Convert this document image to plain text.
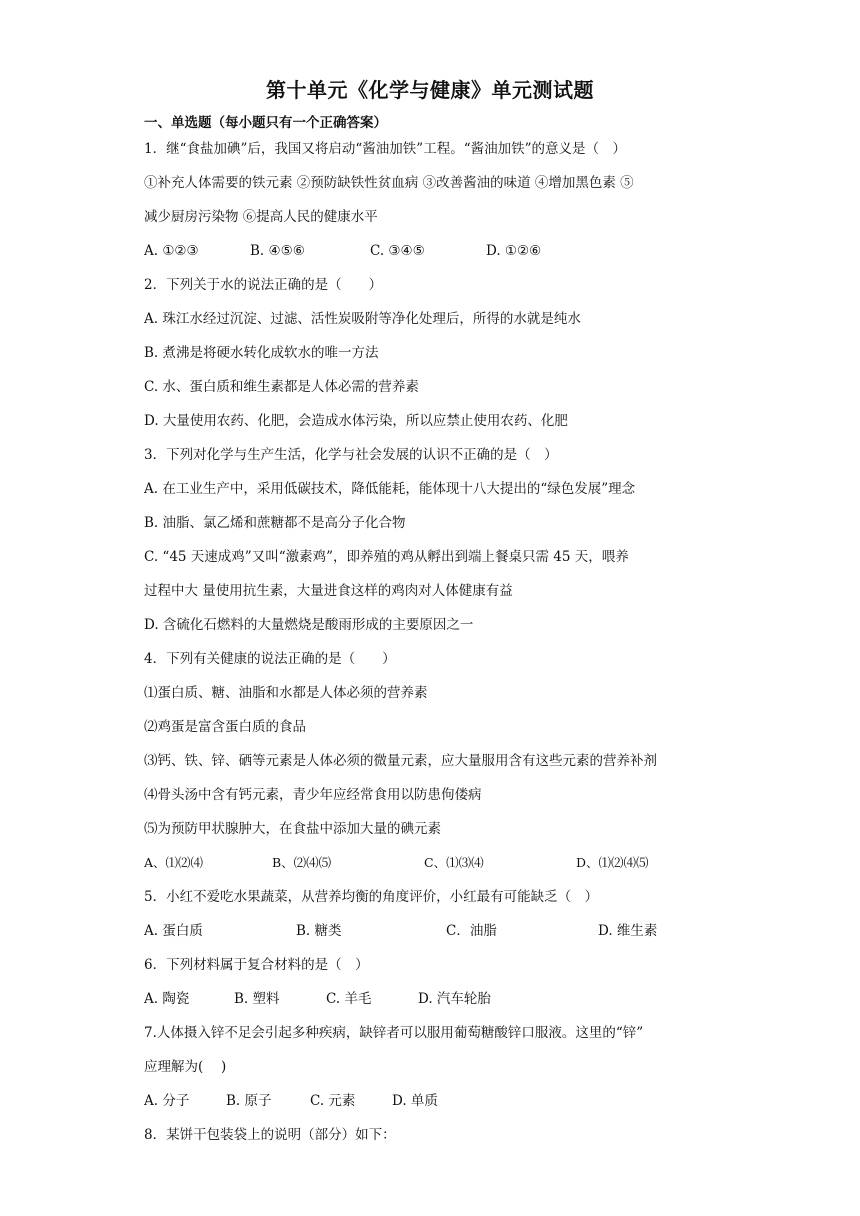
第十单元《化学与健康》单元测试题
一、单选题（每小题只有一个正确答案）
1．继“食盐加碘”后，我国又将启动“酱油加铁”工程。“酱油加铁”的意义是（　）
①补充人体需要的铁元素 ②预防缺铁性贫血病 ③改善酱油的味道 ④增加黑色素 ⑤
减少厨房污染物 ⑥提高人民的健康水平
A. ①②③	B. ④⑤⑥	C. ③④⑤	D. ①②⑥
2．下列关于水的说法正确的是（　　）
A. 珠江水经过沉淀、过滤、活性炭吸附等净化处理后，所得的水就是纯水
B. 煮沸是将硬水转化成软水的唯一方法
C. 水、蛋白质和维生素都是人体必需的营养素
D. 大量使用农药、化肥，会造成水体污染，所以应禁止使用农药、化肥
3．下列对化学与生产生活，化学与社会发展的认识不正确的是（　）
A. 在工业生产中，采用低碳技术，降低能耗，能体现十八大提出的“绿色发展”理念
B. 油脂、氯乙烯和蔗糖都不是高分子化合物
C. “45 天速成鸡”又叫“激素鸡”，即养殖的鸡从孵出到端上餐桌只需 45 天，喂养
过程中大 量使用抗生素，大量进食这样的鸡肉对人体健康有益
D. 含硫化石燃料的大量燃烧是酸雨形成的主要原因之一
4．下列有关健康的说法正确的是（　　）
⑴蛋白质、糖、油脂和水都是人体必须的营养素
⑵鸡蛋是富含蛋白质的食品
⑶钙、铁、锌、硒等元素是人体必须的微量元素，应大量服用含有这些元素的营养补剂
⑷骨头汤中含有钙元素，青少年应经常食用以防患佝偻病
⑸为预防甲状腺肿大，在食盐中添加大量的碘元素
A、⑴⑵⑷	B、⑵⑷⑸	C、⑴⑶⑷	D、⑴⑵⑷⑸
5．小红不爱吃水果蔬菜，从营养均衡的角度评价，小红最有可能缺乏（　）
A. 蛋白质	B. 糖类	C．油脂	D. 维生素
6．下列材料属于复合材料的是（　）
A. 陶瓷	B. 塑料	C. 羊毛	D. 汽车轮胎
7.人体摄入锌不足会引起多种疾病，缺锌者可以服用葡萄糖酸锌口服液。这里的“锌”
应理解为(　 )
A. 分子	B. 原子	C. 元素	D. 单质
8．某饼干包装袋上的说明（部分）如下：
